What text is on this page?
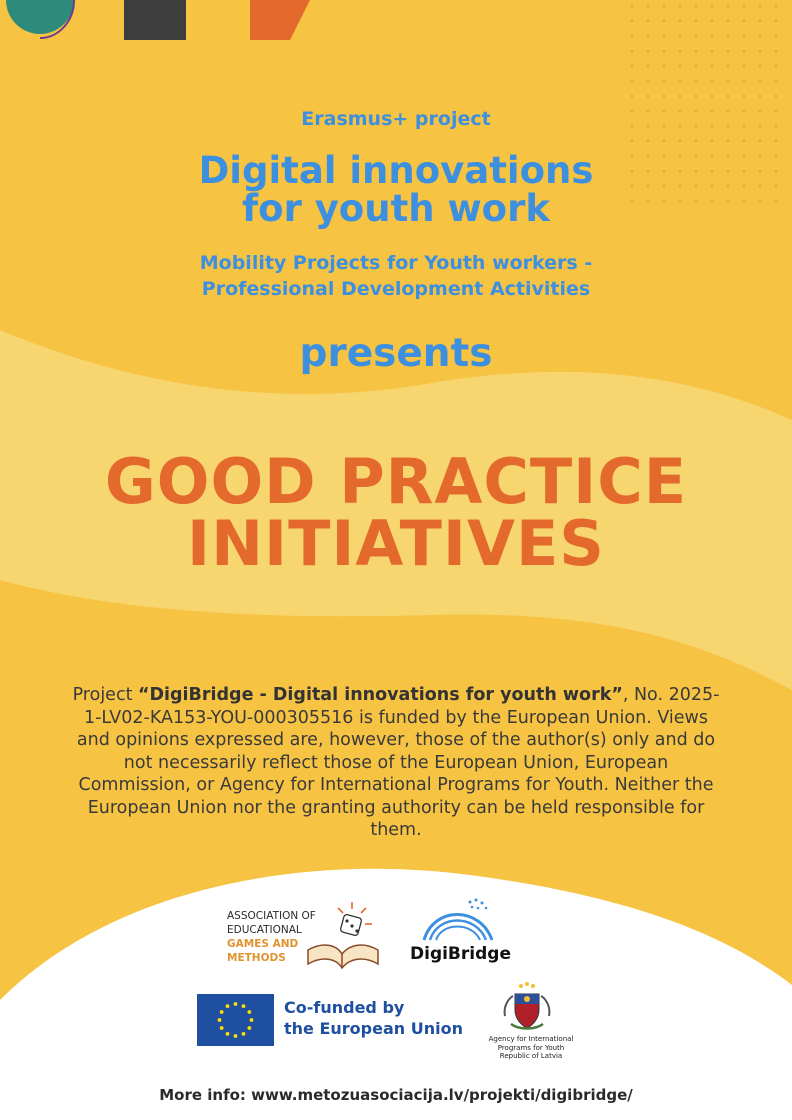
Erasmus+ project
Digital innovations
for youth work
Mobility Projects for Youth workers -
Professional Development Activities
presents
GOOD PRACTICE
INITIATIVES
Project “DigiBridge - Digital innovations for youth work”, No. 2025-1-LV02-KA153-YOU-000305516 is funded by the European Union. Views and opinions expressed are, however, those of the author(s) only and do not necessarily reflect those of the European Union, European Commission, or Agency for International Programs for Youth. Neither the European Union nor the granting authority can be held responsible for them.
ASSOCIATION OF
EDUCATIONAL
GAMES AND
METHODS	DigiBridge
Co-funded by
the European Union
Agency for International
Programs for Youth
Republic of Latvia
More info: www.metozuasociacija.lv/projekti/digibridge/
